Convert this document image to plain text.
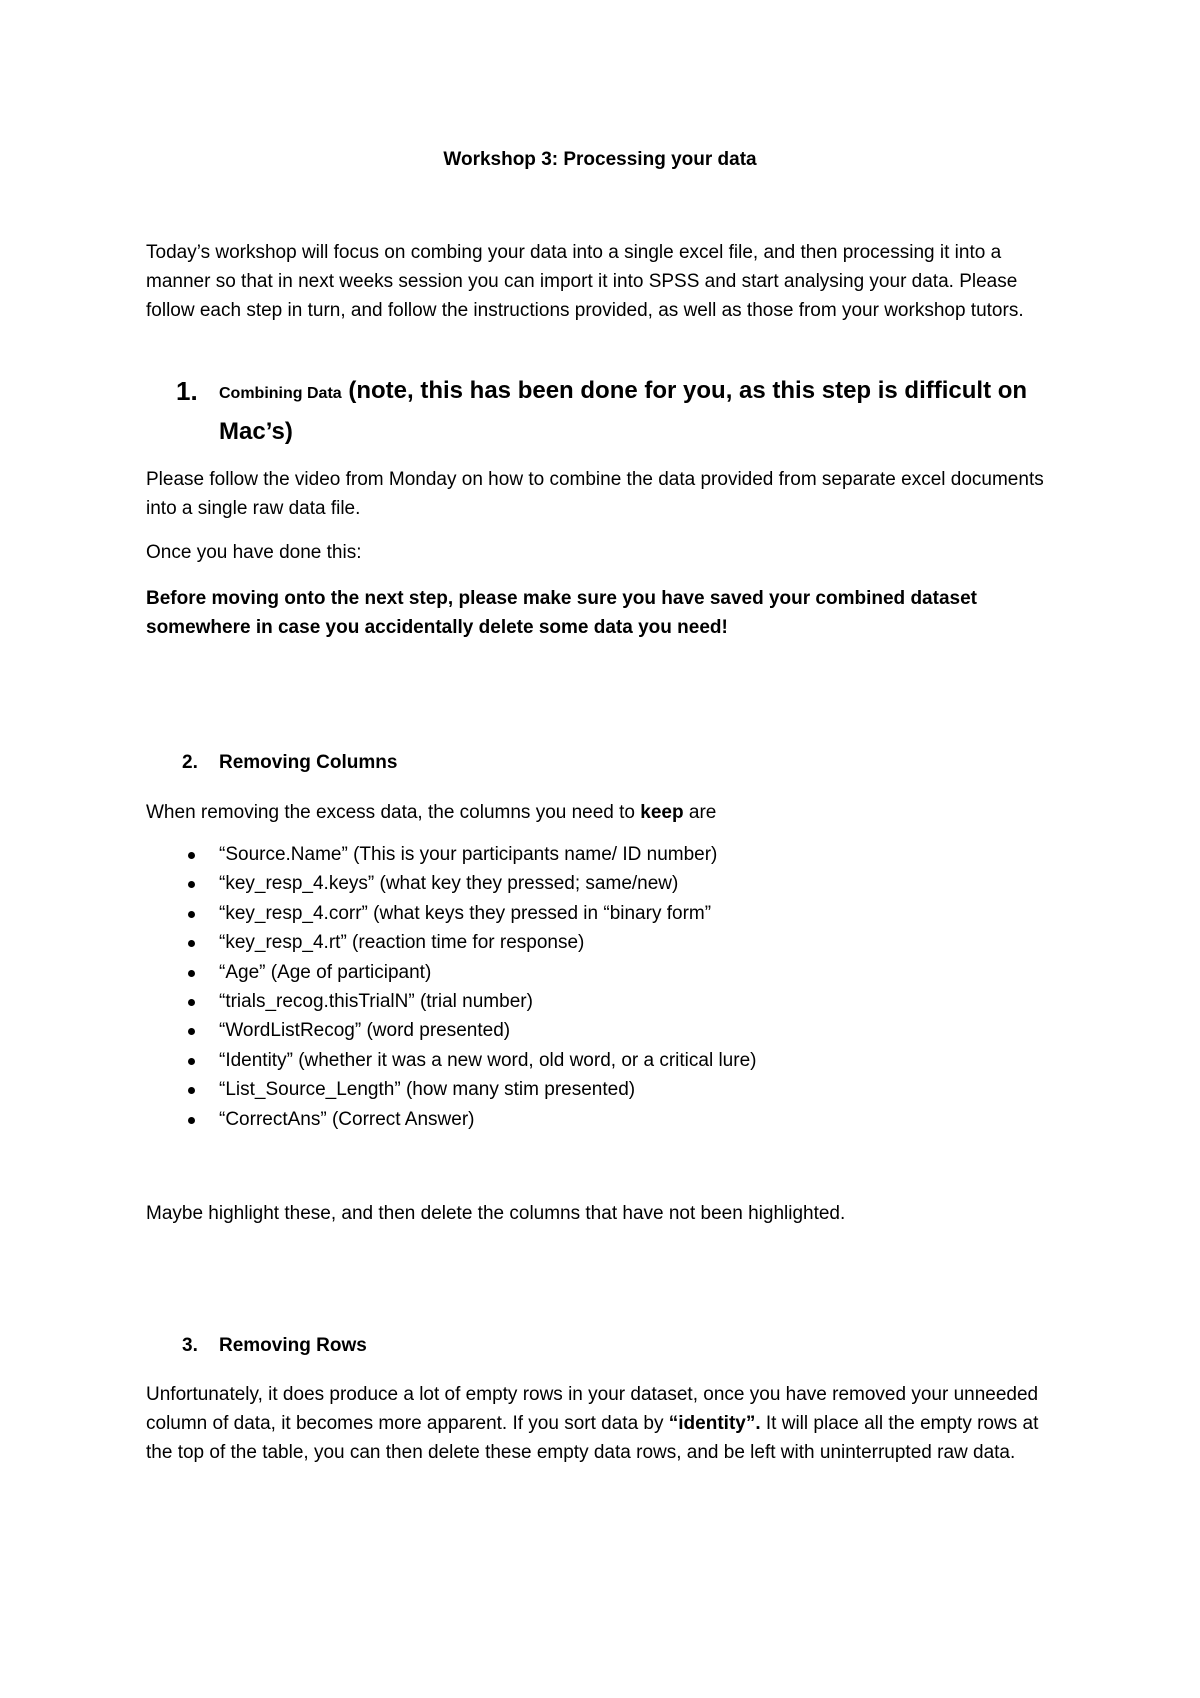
Workshop 3: Processing your data
Today’s workshop will focus on combing your data into a single excel file, and then processing it into a manner so that in next weeks session you can import it into SPSS and start analysing your data. Please follow each step in turn, and follow the instructions provided, as well as those from your workshop tutors.
1. Combining Data (note, this has been done for you, as this step is difficult on Mac’s)
Please follow the video from Monday on how to combine the data provided from separate excel documents into a single raw data file.
Once you have done this:
Before moving onto the next step, please make sure you have saved your combined dataset somewhere in case you accidentally delete some data you need!
2. Removing Columns
When removing the excess data, the columns you need to keep are
“Source.Name” (This is your participants name/ ID number)
“key_resp_4.keys” (what key they pressed; same/new)
“key_resp_4.corr” (what keys they pressed in “binary form”
“key_resp_4.rt” (reaction time for response)
“Age” (Age of participant)
“trials_recog.thisTrialN” (trial number)
“WordListRecog” (word presented)
“Identity” (whether it was a new word, old word, or a critical lure)
“List_Source_Length” (how many stim presented)
“CorrectAns” (Correct Answer)
Maybe highlight these, and then delete the columns that have not been highlighted.
3. Removing Rows
Unfortunately, it does produce a lot of empty rows in your dataset, once you have removed your unneeded column of data, it becomes more apparent. If you sort data by “identity”. It will place all the empty rows at the top of the table, you can then delete these empty data rows, and be left with uninterrupted raw data.
